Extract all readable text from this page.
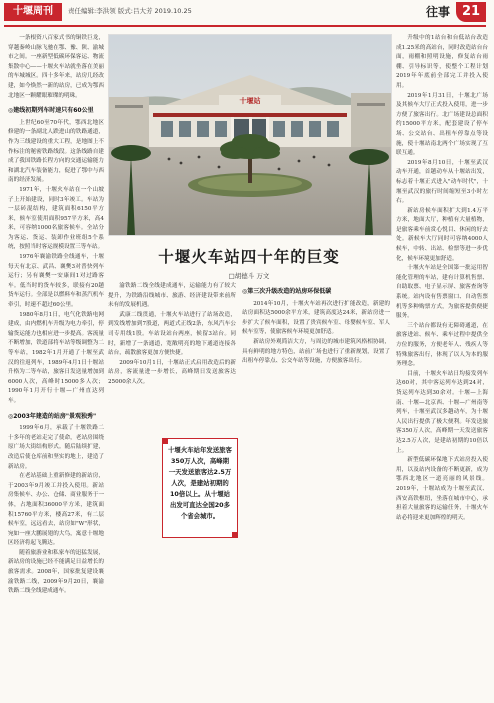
十堰周刊	责任编辑:李洪领 版式:吕大芳 2019.10.25	往事 21

一条根资八百家式书的铜铁巨龙，穿越秦岭山脉飞驰在鄂、豫、陕、渝城市之间。一座新型低碳环保客运、物流集散中心——十堰火车站就坐落在美丽的车城城区。四十多年来，站房几经改建，如今焕然一新的站房，已成为鄂西北地区一颗耀眼璀璨的明珠。

◎建线初期列车时速只有60公里

上世纪60至70年代，鄂西北地区修建的一条副北人跌进山的铁路通道，作为三线建设的重大工程，是地图上不作标注的秘密铁路线段。这条线路自建成了我国铁路长程方向的交通运输能力和湖北汽车装备能力，促进了鄂中与西南的经济发展。

1971年，十堰火车站在一个山坡子上开始建设，同时3年竣工。车站为一层砖混结构，建筑面积6150平方米，候车室使用面积957平方米，高4米，可容纳1000名旅客候车。全站分为客运、货运、装卸作业班组5个系统，按照当时客运规模设置三等车站。

1976年襄渝铁路全线通车，十堰每天有北京、武昌、襄樊3对普快列车运行；另有襄樊一安康间1对过路客车。低当时的货车较多，联接有20趟货车运行。全部是以燃料车和蒸汽机车牵引，时速不超过60公里。

1980年8月1日，电气化铁路电网建成，由内燃机车升级为电力牵引，停输货运能力也相应进一步提高。客流量不断增加，铁道部将车站等级调整为二等车站，1982年1月开通了十堰至武汉的往返列车，1989年4月1日十堰站升格为二等车站，旅客日发送量增加到6000人次，高峰时15000多人次；1990年1月开行十堰—广州直达列车。

◎2003年建造的站房"景观独秀"

1999年6月，承载了十堰铁路二十多年的老站走完了使命，老站房围绕原广场大街结构形式。随后陆续扩建，改造后使仓库前和坚实的地上，建造了新站房。

在老站基础上重新修建的新站房，于2003年9月竣工并投入使用。新站房集候车、办公、仓储、商业服务于一体，占地面积36000平方米，建筑面积15760平方米，楼高27米，有二层候车室，远远看去，站房如"W"形状，宛如一座大鹏展翅的大鸟，寓意十堰地区经济将起飞腾达。

随着旅游业和私家车的迅猛发展，新站房的设施已经不能满足日益增长的旅客需求。2008年，国家批复建设襄渝铁路二线，2009年9月20日，襄渝铁路二线全线建成通车。

十堰站
十堰火车站四十年的巨变
□胡德斗 万文

渝铁路二线全线建成通车，运输能力有了较大提升，为铁路沿线城市、旅游、经济建设带来前所未有的发展机遇。

武康二线贯通，十堰火车站进行了站场改造，到发线增加到7股道，两道式正线2条，东风汽车公司专用线1股。车站设站台两座，候留3站台。同时，新增了一条通道，宽敞明亮的地下通道连接各站台，疏散旅客更加方便快捷。

2009年10月1日，十堰站正式启用改造后的新站房，客流量进一步增长，高峰期日发送旅客达25000余人次。

十堰火车站年发送旅客350万人次，高峰期一天发送旅客达2.5万人次，是建站初期的10倍以上。从十堰站出发可直达全国20多个省会城市。

◎第三次升级改造的站房环保低碳

2014年10月，十堰火车站再次进行扩能改造，新建的站房面积达5000余平方米，建筑高度达24米，新站房进一步扩大了候车面积，设置了贵宾候车室、母婴候车室、军人候车室等，使旅客候车环境更加舒适。

新站房外观简洁大方，与周边的城市建筑风格相协调，具有鲜明的地方特色，站前广场也进行了重新规划，设置了出租车停靠点、公交车站等设施，方便旅客出行。

升级中的1站台和台低站台改造成1.25米的高站台，同时改造站台台面，雨棚和照明设施，修复站台雨棚、引导标识等，使整个工程计划2019年年底前全部完工并投入使用。

2019年1月31日，十堰北广场及其候车大厅正式投入使用，进一步方便了旅客出行。北广场建设总面积约15000平方米，配套建设了停车场、公交站台、出租车停靠点等设施，使十堰站南北两个广场实现了互联互通。

2019年8月10日，十堰至武汉动车开通，首趟动车从十堰站出发，标志着十堰正式进入"动车时代"，十堰至武汉的旅行时间缩短至3小时左右。

新站房候车面积扩大到1.4万平方米，地面大厅，种植有大量植物，是旅客乘车前赏心悦目、休闲的好去处。新候车大厅同时可容纳4000人候车，中转、出站、检票等进一步优化，候车环境更加舒适。

十堰火车站是全国第一批运用智能化管理的车站，建有计算机售票、自助取票、电子显示屏、旅客查询等系统。站内设有售票窗口、自动售票机等多种购票方式，为旅客提供便捷服务。

三个站台都设有无障碍通道，在旅客进站、候车、乘车过程中提供全方位的服务，方便老年人、残疾人等特殊旅客出行，体现了以人为本的服务理念。

目前，十堰火车站日均接发列车达60对，其中客运列车达到24对，货运列车达到30余对。十堰—上海南、十堰—北京西、十堰—广州南等列车，十堰至武汉多趟动车，为十堰人民出行提供了极大便利。年发送旅客350万人次，高峰期一天发送旅客达2.5万人次，是建站初期的10倍以上。

新型低碳环保地下式站房投入使用，以及站内设备的不断更新，成为鄂西北地区一道亮丽的风景线。2019年，十堰站成为十堰至武汉、西安高铁枢纽，坐落在城市中心，承担着大量旅客的运输任务，十堰火车站必将迎来更加辉煌的明天。
